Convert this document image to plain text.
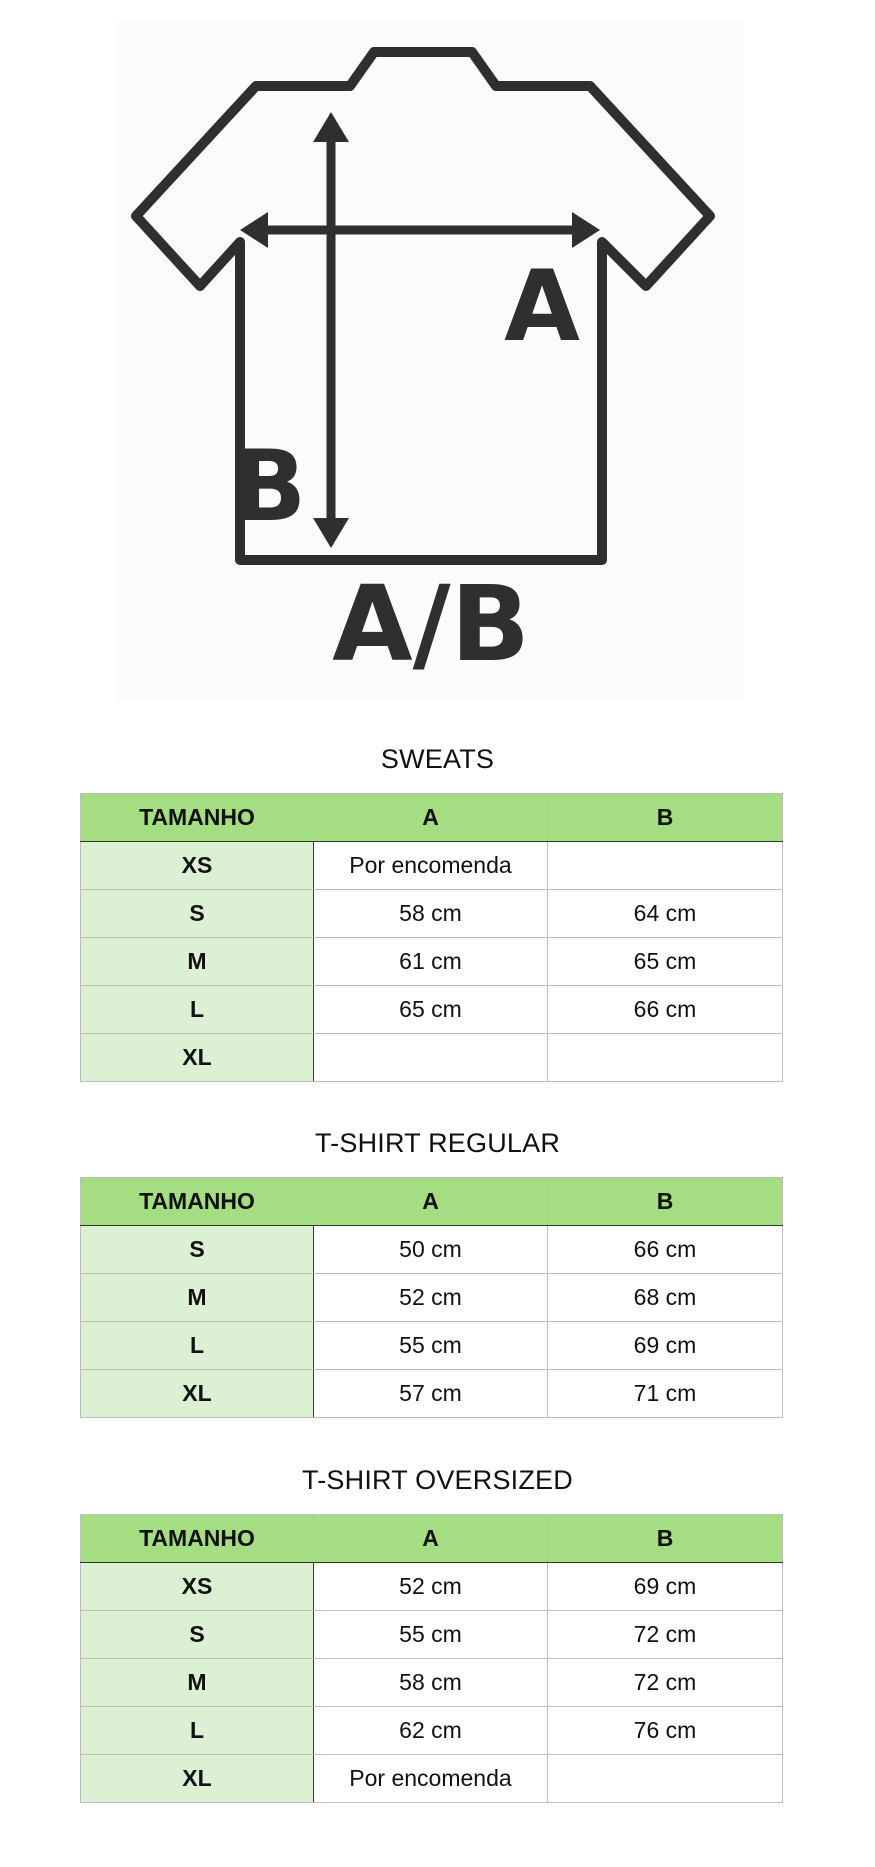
A
B
A/B
SWEATS
TAMANHO	A	B
XS	Por encomenda	
S	58 cm	64 cm
M	61 cm	65 cm
L	65 cm	66 cm
XL		
T-SHIRT REGULAR
TAMANHO	A	B
S	50 cm	66 cm
M	52 cm	68 cm
L	55 cm	69 cm
XL	57 cm	71 cm
T-SHIRT OVERSIZED
TAMANHO	A	B
XS	52 cm	69 cm
S	55 cm	72 cm
M	58 cm	72 cm
L	62 cm	76 cm
XL	Por encomenda	
